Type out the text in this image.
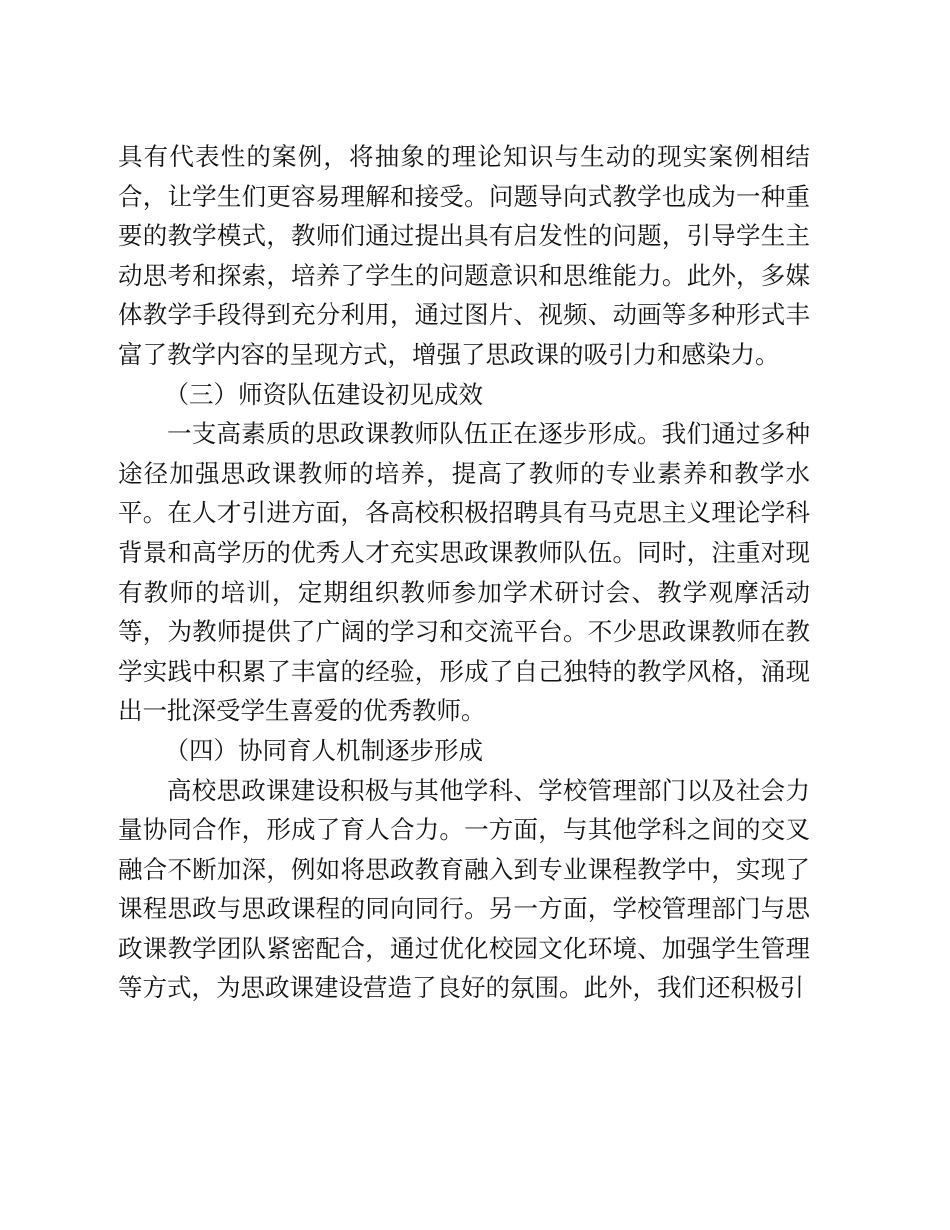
具有代表性的案例，将抽象的理论知识与生动的现实案例相结合，让学生们更容易理解和接受。问题导向式教学也成为一种重要的教学模式，教师们通过提出具有启发性的问题，引导学生主动思考和探索，培养了学生的问题意识和思维能力。此外，多媒体教学手段得到充分利用，通过图片、视频、动画等多种形式丰富了教学内容的呈现方式，增强了思政课的吸引力和感染力。

（三）师资队伍建设初见成效

一支高素质的思政课教师队伍正在逐步形成。我们通过多种途径加强思政课教师的培养，提高了教师的专业素养和教学水平。在人才引进方面，各高校积极招聘具有马克思主义理论学科背景和高学历的优秀人才充实思政课教师队伍。同时，注重对现有教师的培训，定期组织教师参加学术研讨会、教学观摩活动等，为教师提供了广阔的学习和交流平台。不少思政课教师在教学实践中积累了丰富的经验，形成了自己独特的教学风格，涌现出一批深受学生喜爱的优秀教师。

（四）协同育人机制逐步形成

高校思政课建设积极与其他学科、学校管理部门以及社会力量协同合作，形成了育人合力。一方面，与其他学科之间的交叉融合不断加深，例如将思政教育融入到专业课程教学中，实现了课程思政与思政课程的同向同行。另一方面，学校管理部门与思政课教学团队紧密配合，通过优化校园文化环境、加强学生管理等方式，为思政课建设营造了良好的氛围。此外，我们还积极引
